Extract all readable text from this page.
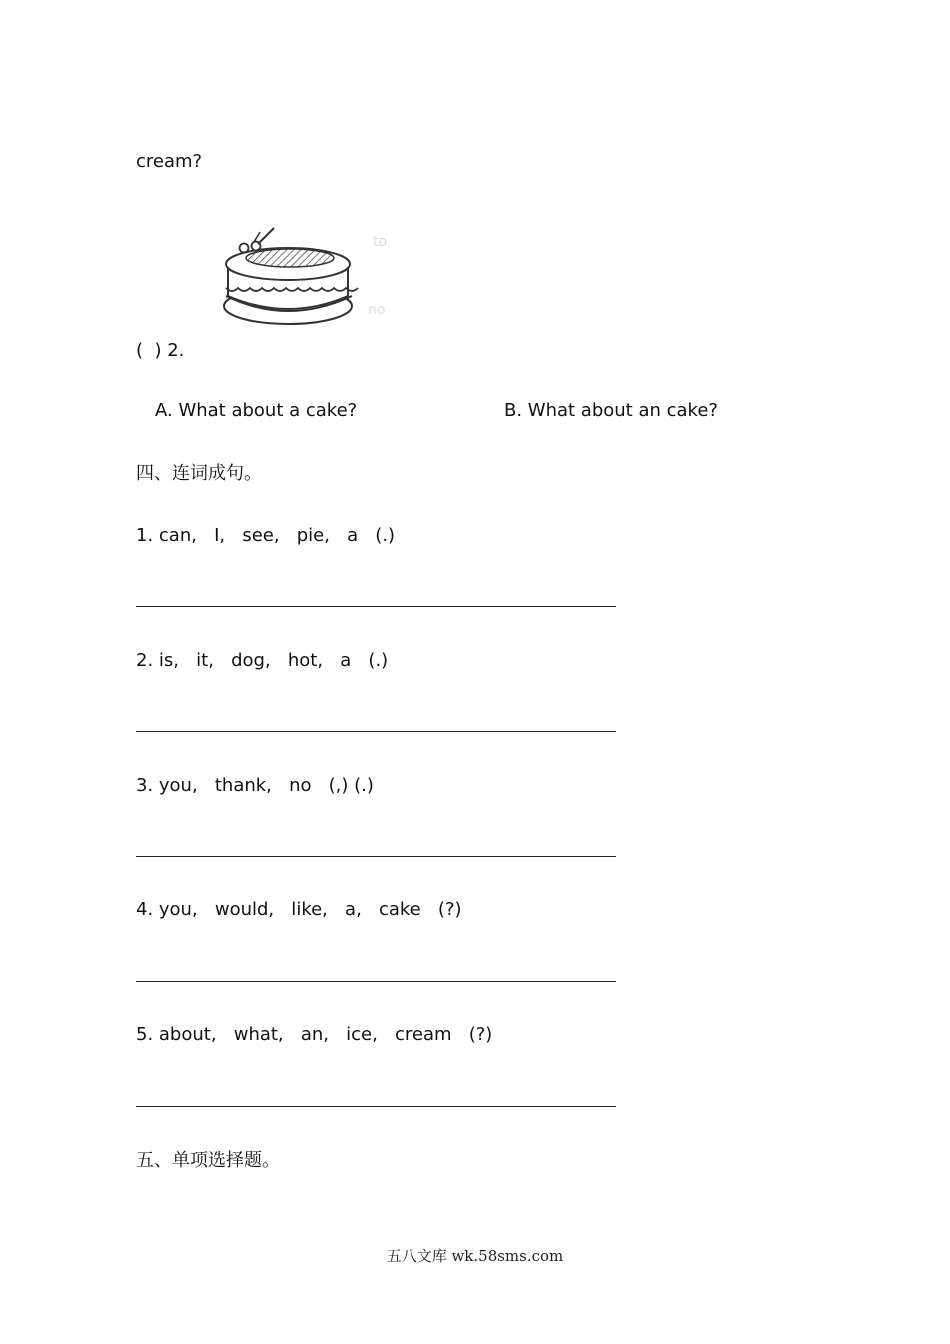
cream?
to
no
(  ) 2.
A. What about a cake?	B. What about an cake?
四、连词成句。
1. can,   I,   see,   pie,   a   (.)
2. is,   it,   dog,   hot,   a   (.)
3. you,   thank,   no   (,) (.)
4. you,   would,   like,   a,   cake   (?)
5. about,   what,   an,   ice,   cream   (?)
五、单项选择题。
五八文库 wk.58sms.com
